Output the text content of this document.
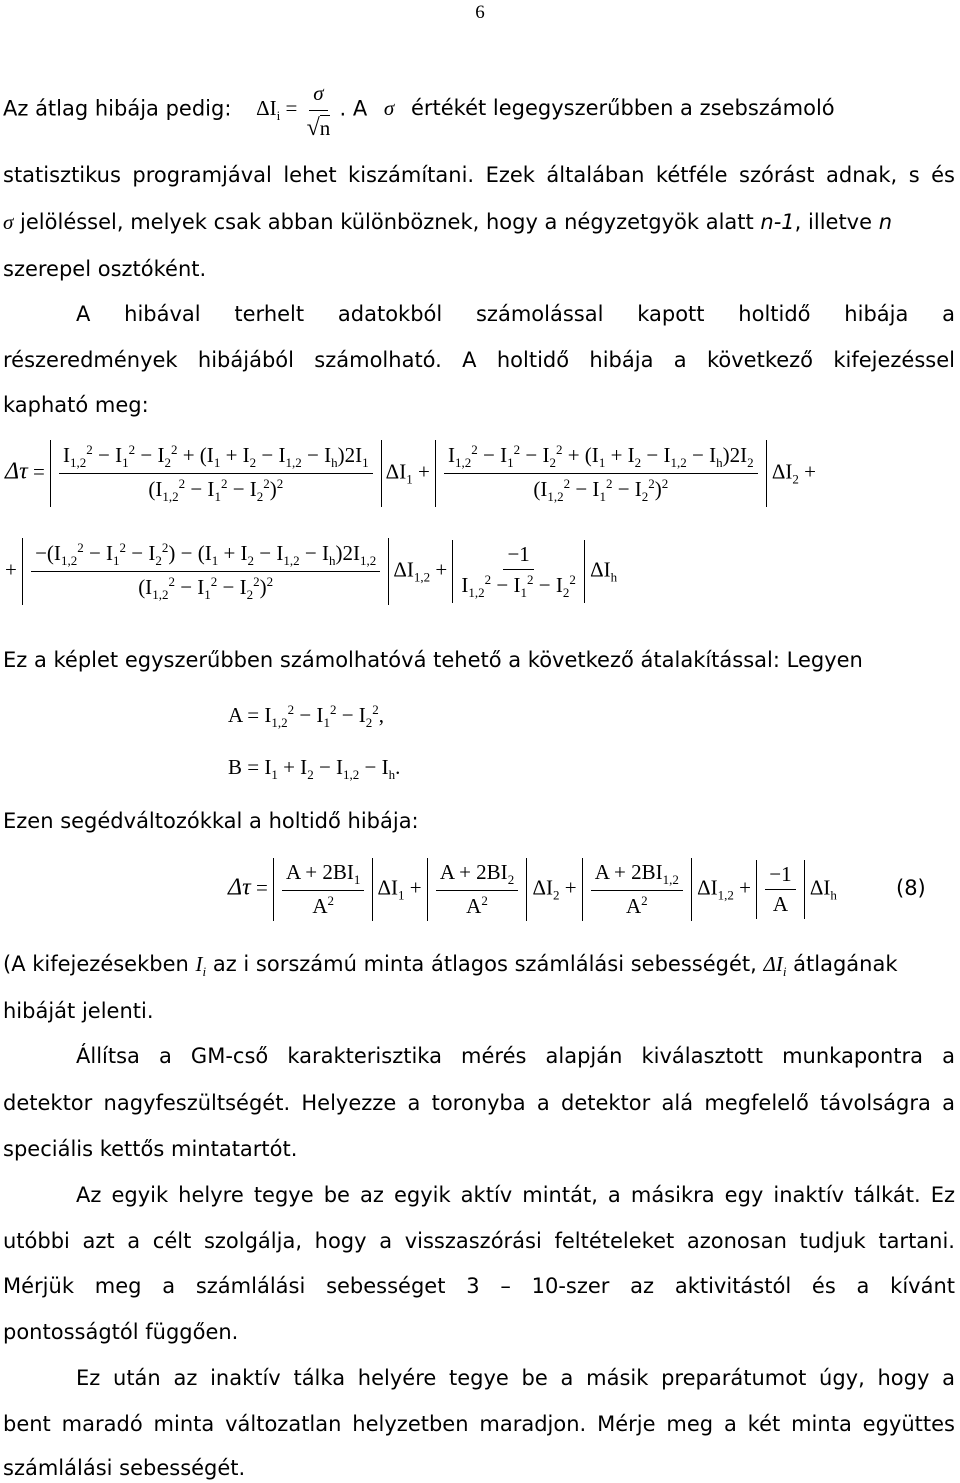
6
Az átlag hibája pedig: $\Delta I_i = \frac{\sigma}{√n}$ . A σ értékét legegyszerűbben a zsebszámoló
statisztikus programjával lehet kiszámítani. Ezek általában kétféle szórást adnak, s és
σ jelöléssel, melyek csak abban különböznek, hogy a négyzetgyök alatt n-1, illetve n
szerepel osztóként.
A hibával terhelt adatokból számolással kapott holtidő hibája a
részeredmények hibájából számolható. A holtidő hibája a következő kifejezéssel
kapható meg:
$\Delta\tau = \frac{I_{1,2}^2 - I_1^2 - I_2^2 + (I_1 + I_2 - I_{1,2} - I_h)2I_1}{(I_{1,2}^2 - I_1^2 - I_2^2)^2} \Delta I_1 + \frac{I_{1,2}^2 - I_1^2 - I_2^2 + (I_1 + I_2 - I_{1,2} - I_h)2I_2}{(I_{1,2}^2 - I_1^2 - I_2^2)^2} \Delta I_2$ +
+ $\frac{-(I_{1,2}^2 - I_1^2 - I_2^2) - (I_1 + I_2 - I_{1,2} - I_h)2I_{1,2}}{(I_{1,2}^2 - I_1^2 - I_2^2)^2} \Delta I_{1,2} + \frac{-1}{I_{1,2}^2 - I_1^2 - I_2^2} \Delta I_h$
Ez a képlet egyszerűbben számolhatóvá tehető a következő átalakítással: Legyen
$A = I_{1,2}^2 - I_1^2 - I_2^2$,
$B = I_1 + I_2 - I_{1,2} - I_h$.
Ezen segédváltozókkal a holtidő hibája:
$\Delta\tau = \frac{A + 2BI_1}{A^2} \Delta I_1 + \frac{A + 2BI_2}{A^2} \Delta I_2 + \frac{A + 2BI_{1,2}}{A^2} \Delta I_{1,2} + \frac{-1}{A} \Delta I_h$	(8)
(A kifejezésekben $I_i$ az i sorszámú minta átlagos számlálási sebességét, $\Delta I_i$ átlagának
hibáját jelenti.
Állítsa a GM-cső karakterisztika mérés alapján kiválasztott munkapontra a
detektor nagyfeszültségét. Helyezze a toronyba a detektor alá megfelelő távolságra a
speciális kettős mintatartót.
Az egyik helyre tegye be az egyik aktív mintát, a másikra egy inaktív tálkát. Ez
utóbbi azt a célt szolgálja, hogy a visszaszórási feltételeket azonosan tudjuk tartani.
Mérjük meg a számlálási sebességet 3 – 10-szer az aktivitástól és a kívánt
pontosságtól függően.
Ez után az inaktív tálka helyére tegye be a másik preparátumot úgy, hogy a
bent maradó minta változatlan helyzetben maradjon. Mérje meg a két minta együttes
számlálási sebességét.
